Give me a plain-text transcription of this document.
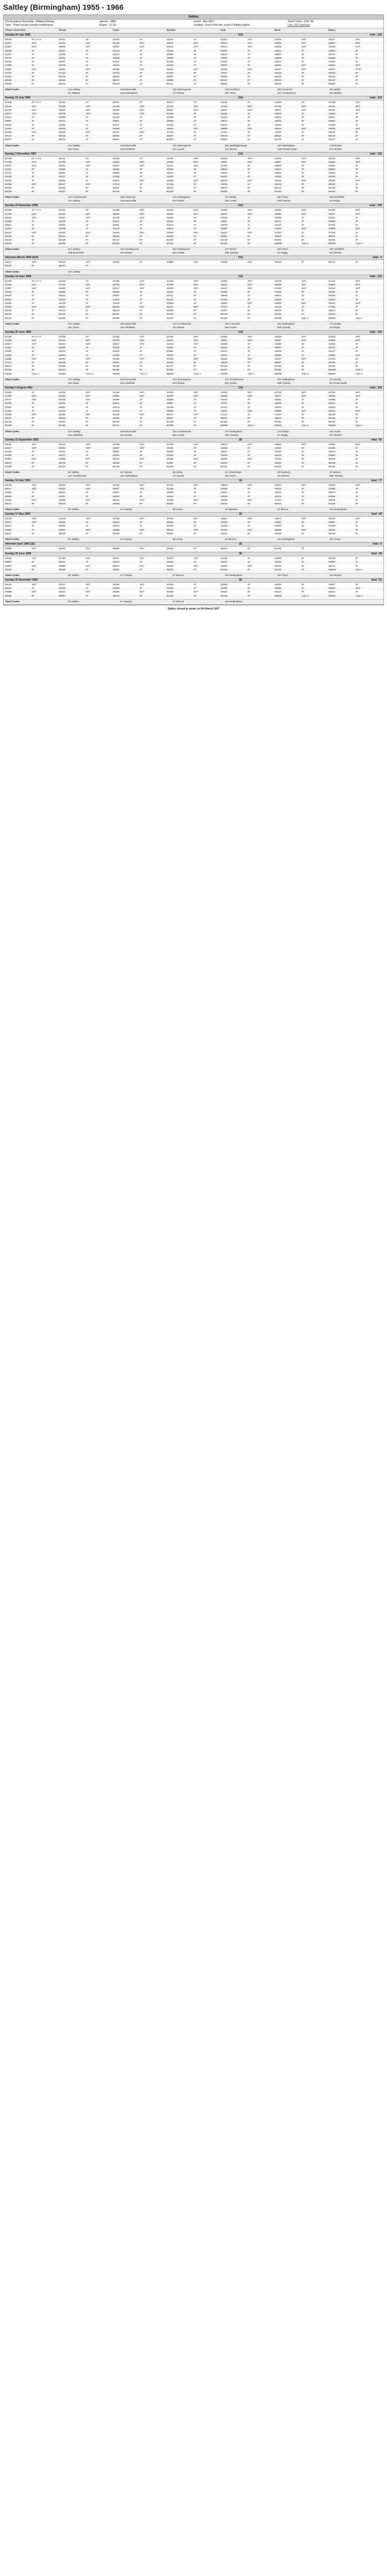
Saltley (Birmingham) 1955 - 1966
Saltley
Pre-Grouping Ownership : Midland Railway	opened : 1868	closed : Mar 1967	Shed Codes : 21A / 2E
Type : Three circular (round) roundhouses	Roads : 3 x 24	Location : East of the line, south of Saltley station	Link : BR Database
Steam locomotive	Diesel	Class	Number	Date	Shed	Status
Sunday 20 July 1955	21A	total : 133
40109	2P 4-4-0	40421	2P	41083	2P	41097	4P	41202	2MT	42205	4MT	42327	4MT
42337	4MT	42424	4MT	42765	5MT	42818	5MT	42823	5MT	42826	5MT	42827	5MT
42851	5MT	42856	5MT	42900	5MT	43012	4MT	43013	4MT	43036	4MT	43046	4MT
43186	3F	43187	3F	43214	3F	43225	3F	43284	3F	43321	3F	43355	3F
43427	3F	43435	3F	43444	3F	43580	3F	43644	3F	43687	3F	43711	3F
43775	3F	43821	3F	43838	3F	43928	4F	43940	4F	43949	4F	43985	4F
44049	4F	44057	4F	44101	4F	44165	4F	44203	4F	44222	4F	44264	4F
44335	4F	44375	4F	44412	4F	44523	4F	44587	4F	44811	5MT	44841	5MT
44888	5MT	44962	5MT	45186	5MT	45263	5MT	45268	5MT	45447	5MT	45647	6P5F
47276	3F	47313	3F	47424	3F	47425	3F	47547	3F	48105	8F	48113	8F
48215	8F	48336	8F	48345	8F	48367	8F	48386	8F	48419	8F	48424	8F
48526	8F	48610	8F	48673	8F	48696	8F	58132	2F	58143	2F	58167	2F
58180	2F	58215	2F	58216	2F	58271	2F	58281	2F	90034	8F	90683	8F
Shed Codes	21A Saltley	21B Bournville	21C Bromsgrove	21D Stratford	15C Leicester	2E Saltley
3C Walsall	16A Nottingham	17A Derby	18A Toton	14A Cricklewood	22A Bristol
Sunday 22 July 1956	21A	total : 119
40439	2P 4-4-0	40452	2P	40511	2P	40927	4P	41049	4P	41099	4P	41205	2MT
42146	4MT	42325	4MT	42335	4MT	42416	4MT	42758	5MT	42763	5MT	42784	5MT
42790	5MT	42820	5MT	42839	5MT	42851	5MT	42897	5MT	43017	4MT	43034	4MT
43047	4MT	43105	4MT	43118	4MT	43186	3F	43258	3F	43260	3F	43284	3F
43321	3F	43355	3F	43428	3F	43436	3F	43491	3F	43522	3F	43621	3F
43687	3F	43711	3F	43801	3F	43838	3F	43914	4F	43940	4F	43951	4F
44013	4F	44049	4F	44137	4F	44168	4F	44203	4F	44263	4F	44335	4F
44419	4F	44515	4F	44569	4F	44804	5MT	44888	5MT	45044	5MT	45186	5MT
45263	5MT	45268	5MT	45447	5MT	47313	3F	47424	3F	47635	3F	48105	8F
48113	8F	48215	8F	48336	8F	48367	8F	48419	8F	48610	8F	58143	2F
58167	2F	58215	2F	58281	2F	90034	8F	90683	8F	92135	9F	92137	9F
Shed Codes	21A Saltley	21B Bournville	21C Bromsgrove	15A Wellingborough	16A Nottingham	17B Burton
18A Toton	19A Sheffield	20A Leeds	22A Bristol	14B Kentish Town	6A Chester
Sunday 3 November 1957	21A	total : 100
40439	2P 4-4-0	40511	2P	41049	4P	41205	2MT	42205	4MT	42325	4MT	42416	4MT
42763	5MT	42790	5MT	42820	5MT	42839	5MT	42851	5MT	42897	5MT	42900	5MT
43017	4MT	43034	4MT	43047	4MT	43118	4MT	43186	3F	43258	3F	43284	3F
43321	3F	43355	3F	43436	3F	43491	3F	43522	3F	43621	3F	43687	3F
43711	3F	43801	3F	43838	3F	43914	4F	43940	4F	43951	4F	44013	4F
44049	4F	44137	4F	44168	4F	44203	4F	44263	4F	44335	4F	44419	4F
44515	4F	44569	4F	44804	5MT	44888	5MT	45044	5MT	45186	5MT	45263	5MT
45268	5MT	45447	5MT	47313	3F	47424	3F	47635	3F	48105	8F	48113	8F
48215	8F	48336	8F	48367	8F	48419	8F	48610	8F	58143	2F	92135	9F
92136	9F	92137	9F	92138	9F	92139	9F	92152	9F	92153	9F	92154	9F
Shed Codes	14A Cricklewood	15B Kettering	16A Nottingham	17A Derby	18A Toton	19A Sheffield
21A Saltley	21B Bournville	22A Bristol	55A Leeds	84E Tyseley	2A Rugby
Sunday 23 November 1958	21A	total : 109
40439	2P 4-4-0	41049	4P	41205	2MT	42146	4MT	42325	4MT	42335	4MT	42758	5MT
42763	5MT	42784	5MT	42820	5MT	42851	5MT	42897	5MT	42900	5MT	43017	4MT
43034	4MT	43047	4MT	43105	4MT	43186	3F	43258	3F	43284	3F	43321	3F
43355	3F	43436	3F	43491	3F	43621	3F	43687	3F	43711	3F	43838	3F
43914	4F	43940	4F	43951	4F	44013	4F	44049	4F	44137	4F	44203	4F
44263	4F	44335	4F	44419	4F	44515	4F	44569	4F	44804	5MT	44888	5MT
45044	5MT	45186	5MT	45263	5MT	45268	5MT	45447	5MT	47313	3F	47424	3F
48105	8F	48113	8F	48215	8F	48336	8F	48367	8F	48419	8F	48610	8F
92135	9F	92136	9F	92137	9F	92138	9F	92139	9F	92152	9F	92153	9F
92154	9F	92155	9F	92156	9F	92157	9F	92158	9F	D5080	Type 2	D5081	Type 2
Shed Codes	21A Saltley	14A Cricklewood	16A Nottingham	17A Derby	18A Toton	19A Sheffield
21B Bournville	22A Bristol	55A Leeds	84E Tyseley	2A Rugby	6A Chester
Attention March 1959 (21A)	21A	total : 9
43017	4MT	43034	4MT	44203	4F	44888	5MT	45268	5MT	48336	8F	92137	9F
92138	9F	92152	9F
Shed Codes	21A Saltley
Sunday 14 June 1959	21A	total : 123
40439	2P 4-4-0	41049	4P	41205	2MT	42146	4MT	42325	4MT	42335	4MT	42416	4MT
42758	5MT	42763	5MT	42784	5MT	42790	5MT	42820	5MT	42839	5MT	42851	5MT
42897	5MT	42900	5MT	43017	4MT	43034	4MT	43047	4MT	43105	4MT	43118	4MT
43186	3F	43258	3F	43284	3F	43321	3F	43355	3F	43436	3F	43491	3F
43522	3F	43621	3F	43687	3F	43711	3F	43838	3F	43914	4F	43940	4F
43951	4F	44013	4F	44049	4F	44137	4F	44168	4F	44203	4F	44263	4F
44335	4F	44419	4F	44515	4F	44569	4F	44804	5MT	44888	5MT	45044	5MT
45186	5MT	45263	5MT	45268	5MT	45447	5MT	47313	3F	47424	3F	47635	3F
48105	8F	48113	8F	48215	8F	48336	8F	48367	8F	48419	8F	48610	8F
92135	9F	92136	9F	92137	9F	92138	9F	92139	9F	92152	9F	92153	9F
92154	9F	92155	9F	92156	9F	92157	9F	92158	9F	D5080	Type 2	D5081	Type 2
Shed Codes	21A Saltley	21B Bournville	14A Cricklewood	15C Leicester	16A Nottingham	17A Derby
18A Toton	19A Sheffield	22A Bristol	55A Leeds	84E Tyseley	2A Rugby
Sunday 26 June 1960	21A	total : 124
40439	2P 4-4-0	41049	4P	41205	2MT	42146	4MT	42325	4MT	42335	4MT	42416	4MT
42758	5MT	42763	5MT	42784	5MT	42820	5MT	42851	5MT	42897	5MT	42900	5MT
43017	4MT	43034	4MT	43047	4MT	43105	4MT	43186	3F	43258	3F	43284	3F
43321	3F	43355	3F	43436	3F	43491	3F	43621	3F	43687	3F	43711	3F
43838	3F	43914	4F	43940	4F	43951	4F	44013	4F	44049	4F	44137	4F
44203	4F	44263	4F	44335	4F	44419	4F	44515	4F	44569	4F	44804	5MT
44888	5MT	45044	5MT	45186	5MT	45263	5MT	45268	5MT	45447	5MT	47313	3F
47424	3F	48105	8F	48113	8F	48215	8F	48336	8F	48367	8F	48419	8F
48610	8F	92135	9F	92136	9F	92137	9F	92138	9F	92139	9F	92152	9F
92153	9F	92154	9F	92155	9F	92156	9F	92157	9F	92158	9F	D5080	Type 2
D5081	Type 2	D5082	Type 2	D5083	Type 2	D5084	Type 2	D5085	Type 2	D5086	Type 2	D5087	Type 2
Shed Codes	21A Saltley	21B Bournville	21C Bromsgrove	14A Cricklewood	16A Nottingham	17A Derby
18A Toton	19A Sheffield	22A Bristol	55A Leeds	84E Tyseley	5A Crewe North
Sunday 5 August 1962	21A	total : 118
41049	4P	41205	2MT	42146	4MT	42325	4MT	42335	4MT	42758	5MT	42763	5MT
42784	5MT	42820	5MT	42851	5MT	42897	5MT	42900	5MT	43017	4MT	43034	4MT
43047	4MT	43105	4MT	43186	3F	43258	3F	43284	3F	43321	3F	43355	3F
43436	3F	43491	3F	43621	3F	43687	3F	43711	3F	43838	3F	43914	4F
43940	4F	43951	4F	44013	4F	44049	4F	44137	4F	44203	4F	44263	4F
44335	4F	44419	4F	44515	4F	44569	4F	44804	5MT	44888	5MT	45044	5MT
45186	5MT	45263	5MT	45268	5MT	45447	5MT	47313	3F	47424	3F	48105	8F
48113	8F	48215	8F	48336	8F	48367	8F	48419	8F	48610	8F	92135	9F
92136	9F	92137	9F	92138	9F	92139	9F	92152	9F	92153	9F	92154	9F
92155	9F	92156	9F	92157	9F	92158	9F	D5080	Type 2	D5081	Type 2	D5082	Type 2
Shed Codes	21A Saltley	21B Bournville	14A Cricklewood	16A Nottingham	17A Derby	18A Toton
19A Sheffield	22A Bristol	55A Leeds	84E Tyseley	2A Rugby	6A Chester
Sunday 22 September 1963	2E	total : 83
42146	4MT	42325	4MT	42758	5MT	42763	5MT	42820	5MT	42851	5MT	42900	5MT
43017	4MT	43034	4MT	43047	4MT	43186	3F	43258	3F	43284	3F	43355	3F
43436	3F	43621	3F	43687	3F	43838	3F	43914	4F	43940	4F	44013	4F
44049	4F	44137	4F	44203	4F	44263	4F	44335	4F	44419	4F	44569	4F
44804	5MT	44888	5MT	45044	5MT	45186	5MT	45268	5MT	47313	3F	48105	8F
48113	8F	48215	8F	48336	8F	48367	8F	48419	8F	48610	8F	92135	9F
92136	9F	92137	9F	92138	9F	92139	9F	92152	9F	92153	9F	92154	9F
Shed Codes	2E Saltley	2A Tyseley	2B Oxley	2C Stourbridge	2D Banbury	2F Bescot
14A Cricklewood	16A Nottingham	17A Derby	18A Toton	22A Bristol	84E Tyseley
Sunday 14 July 1963	2E	total : 77
42146	4MT	42325	4MT	42758	5MT	42763	5MT	42820	5MT	42851	5MT	42900	5MT
43017	4MT	43034	4MT	43047	4MT	43186	3F	43258	3F	43284	3F	43355	3F
43436	3F	43621	3F	43687	3F	43838	3F	43914	4F	43940	4F	44013	4F
44049	4F	44137	4F	44203	4F	44263	4F	44335	4F	44419	4F	44569	4F
44804	5MT	44888	5MT	45044	5MT	45186	5MT	45268	5MT	47313	3F	48105	8F
48113	8F	48215	8F	48336	8F	48367	8F	48419	8F	48610	8F	92135	9F
Shed Codes	2E Saltley	2A Tyseley	2B Oxley	2D Banbury	2F Bescot	16A Nottingham
Sunday 17 May 1964	2E	total : 66
42146	4MT	42325	4MT	42758	5MT	42763	5MT	42851	5MT	43017	4MT	43034	4MT
43047	4MT	43186	3F	43284	3F	43355	3F	43436	3F	43621	3F	43687	3F
43914	4F	43940	4F	44013	4F	44049	4F	44203	4F	44263	4F	44335	4F
44569	4F	44804	5MT	44888	5MT	45044	5MT	45186	5MT	45268	5MT	48105	8F
48113	8F	48215	8F	48336	8F	48367	8F	48419	8F	92135	9F	92136	9F
Shed Codes	2E Saltley	2A Tyseley	2B Oxley	2F Bescot	16A Nottingham	18A Toton
Attention April 1966 (2E)	2E	total : 6
44888	5MT	45044	5MT	45186	5MT	48336	8F	48419	8F	92136	9F
Sunday 26 June 1966	2E	total : 58
42146	4MT	42763	5MT	43017	4MT	43034	4MT	43186	3F	43284	3F	43436	3F
43687	3F	43914	4F	44013	4F	44049	4F	44203	4F	44335	4F	44569	4F
44804	5MT	44888	5MT	45044	5MT	45186	5MT	45268	5MT	48105	8F	48113	8F
48215	8F	48336	8F	48367	8F	48419	8F	92135	9F	92136	9F	D5080	Type 2
Shed Codes	2E Saltley	2A Tyseley	2F Bescot	16A Nottingham	18A Toton	22A Bristol
Sunday 20 November 1966	2E	total : 51
42146	4MT	43017	4MT	43034	4MT	43186	3F	43284	3F	43436	3F	43687	3F
43914	4F	44013	4F	44049	4F	44203	4F	44335	4F	44569	4F	44804	5MT
44888	5MT	45044	5MT	45186	5MT	45268	5MT	48105	8F	48113	8F	48215	8F
48336	8F	48367	8F	48419	8F	92135	9F	92136	9F	D5080	Type 2	D5081	Type 2
Shed Codes	2E Saltley	2A Tyseley	2F Bescot	16A Nottingham
Saltley closed to steam on 6th March 1967
